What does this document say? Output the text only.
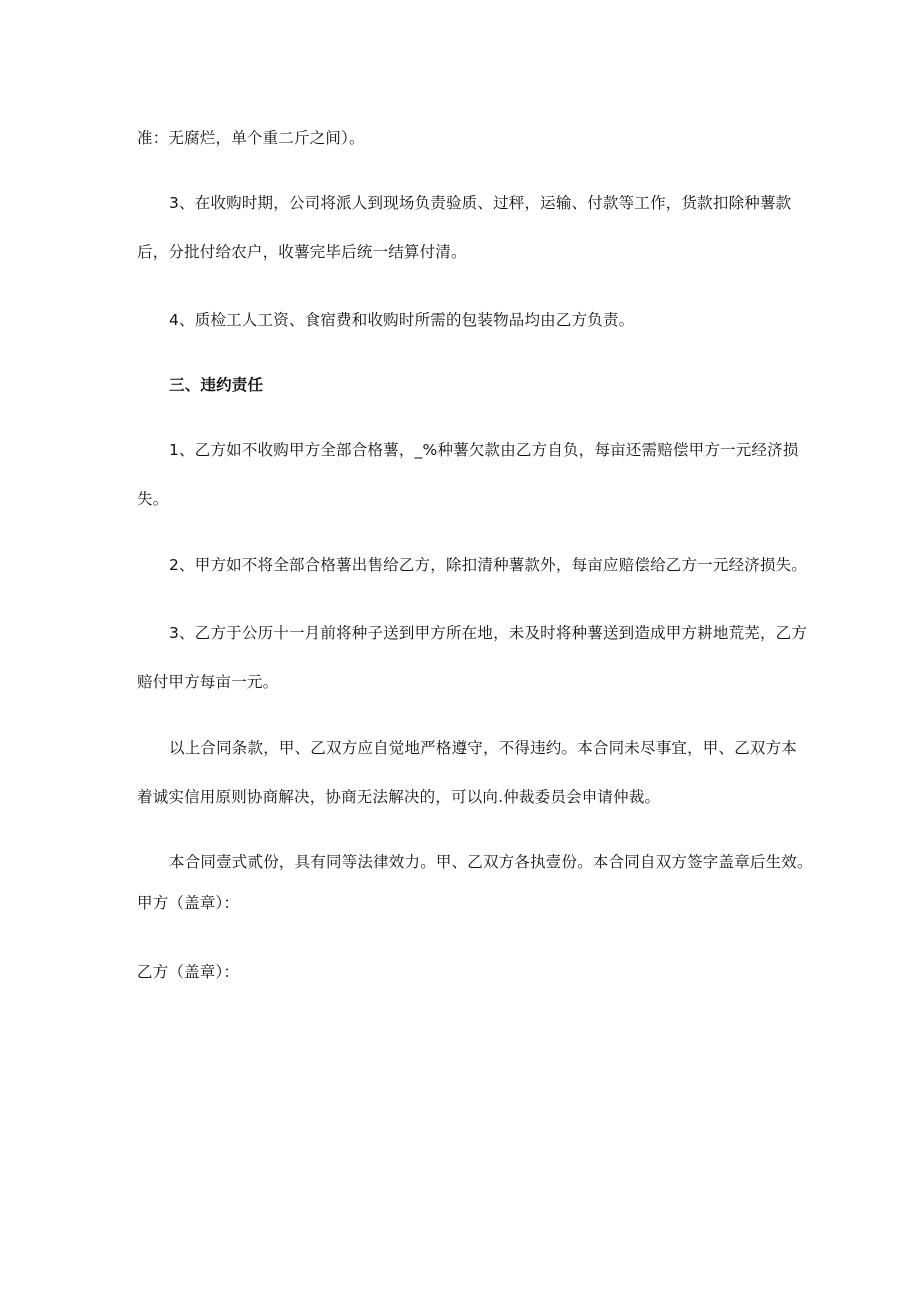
准：无腐烂，单个重二斤之间）。
3、在收购时期，公司将派人到现场负责验质、过秤，运输、付款等工作，货款扣除种薯款
后，分批付给农户，收薯完毕后统一结算付清。
4、质检工人工资、食宿费和收购时所需的包装物品均由乙方负责。
三、违约责任
1、乙方如不收购甲方全部合格薯，_%种薯欠款由乙方自负，每亩还需赔偿甲方一元经济损
失。
2、甲方如不将全部合格薯出售给乙方，除扣清种薯款外，每亩应赔偿给乙方一元经济损失。
3、乙方于公历十一月前将种子送到甲方所在地，未及时将种薯送到造成甲方耕地荒芜，乙方
赔付甲方每亩一元。
以上合同条款，甲、乙双方应自觉地严格遵守，不得违约。本合同未尽事宜，甲、乙双方本
着诚实信用原则协商解决，协商无法解决的，可以向.仲裁委员会申请仲裁。
本合同壹式贰份，具有同等法律效力。甲、乙双方各执壹份。本合同自双方签字盖章后生效。
甲方（盖章）：
乙方（盖章）：
